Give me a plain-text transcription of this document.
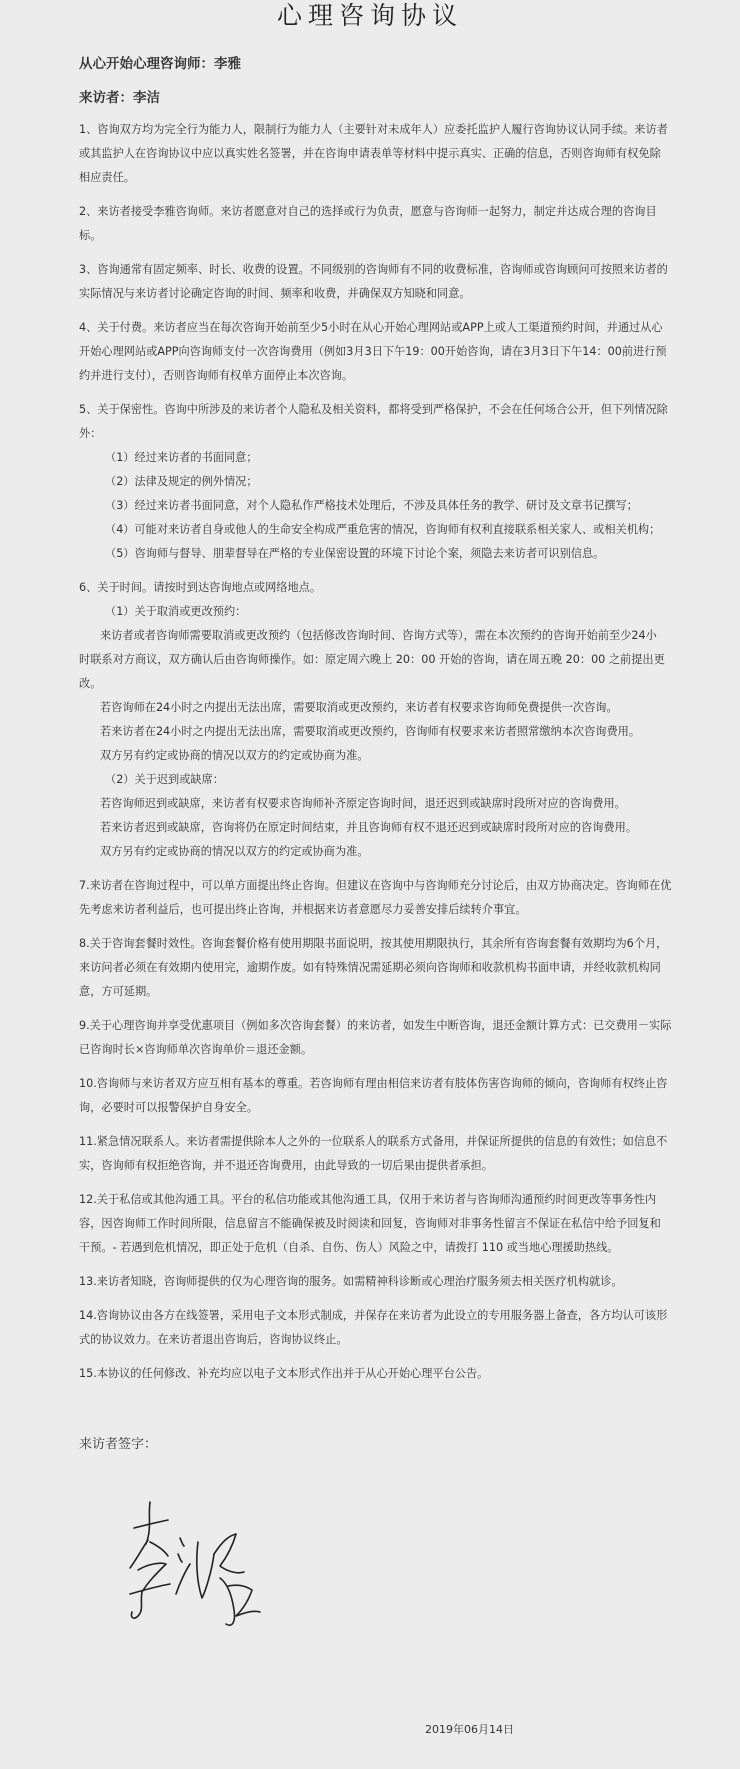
心理咨询协议
从心开始心理咨询师：李雅
来访者：李洁
1、咨询双方均为完全行为能力人，限制行为能力人（主要针对未成年人）应委托监护人履行咨询协议认同手续。来访者
或其监护人在咨询协议中应以真实姓名签署，并在咨询申请表单等材料中提示真实、正确的信息，否则咨询师有权免除
相应责任。
2、来访者接受李雅咨询师。来访者愿意对自己的选择或行为负责，愿意与咨询师一起努力，制定并达成合理的咨询目
标。
3、咨询通常有固定频率、时长、收费的设置。不同级别的咨询师有不同的收费标准，咨询师或咨询顾问可按照来访者的
实际情况与来访者讨论确定咨询的时间、频率和收费，并确保双方知晓和同意。
4、关于付费。来访者应当在每次咨询开始前至少5小时在从心开始心理网站或APP上或人工渠道预约时间，并通过从心
开始心理网站或APP向咨询师支付一次咨询费用（例如3月3日下午19：00开始咨询，请在3月3日下午14：00前进行预
约并进行支付），否则咨询师有权单方面停止本次咨询。
5、关于保密性。咨询中所涉及的来访者个人隐私及相关资料，都将受到严格保护，不会在任何场合公开，但下列情况除
外：
（1）经过来访者的书面同意；
（2）法律及规定的例外情况；
（3）经过来访者书面同意，对个人隐私作严格技术处理后，不涉及具体任务的教学、研讨及文章书记撰写；
（4）可能对来访者自身或他人的生命安全构成严重危害的情况，咨询师有权利直接联系相关家人、或相关机构；
（5）咨询师与督导、朋辈督导在严格的专业保密设置的环境下讨论个案，须隐去来访者可识别信息。
6、关于时间。请按时到达咨询地点或网络地点。
（1）关于取消或更改预约：
来访者或者咨询师需要取消或更改预约（包括修改咨询时间、咨询方式等），需在本次预约的咨询开始前至少24小
时联系对方商议，双方确认后由咨询师操作。如：原定周六晚上 20：00 开始的咨询，请在周五晚 20：00 之前提出更
改。
若咨询师在24小时之内提出无法出席，需要取消或更改预约，来访者有权要求咨询师免费提供一次咨询。
若来访者在24小时之内提出无法出席，需要取消或更改预约，咨询师有权要求来访者照常缴纳本次咨询费用。
双方另有约定或协商的情况以双方的约定或协商为准。
（2）关于迟到或缺席：
若咨询师迟到或缺席，来访者有权要求咨询师补齐原定咨询时间，退还迟到或缺席时段所对应的咨询费用。
若来访者迟到或缺席，咨询将仍在原定时间结束，并且咨询师有权不退还迟到或缺席时段所对应的咨询费用。
双方另有约定或协商的情况以双方的约定或协商为准。
7.来访者在咨询过程中，可以单方面提出终止咨询。但建议在咨询中与咨询师充分讨论后，由双方协商决定。咨询师在优
先考虑来访者利益后，也可提出终止咨询，并根据来访者意愿尽力妥善安排后续转介事宜。
8.关于咨询套餐时效性。咨询套餐价格有使用期限书面说明，按其使用期限执行，其余所有咨询套餐有效期均为6个月，
来访问者必须在有效期内使用完，逾期作废。如有特殊情况需延期必须向咨询师和收款机构书面申请，并经收款机构同
意，方可延期。
9.关于心理咨询并享受优惠项目（例如多次咨询套餐）的来访者，如发生中断咨询，退还金额计算方式：已交费用－实际
已咨询时长×咨询师单次咨询单价＝退还金额。
10.咨询师与来访者双方应互相有基本的尊重。若咨询师有理由相信来访者有肢体伤害咨询师的倾向，咨询师有权终止咨
询，必要时可以报警保护自身安全。
11.紧急情况联系人。来访者需提供除本人之外的一位联系人的联系方式备用，并保证所提供的信息的有效性；如信息不
实，咨询师有权拒绝咨询，并不退还咨询费用，由此导致的一切后果由提供者承担。
12.关于私信或其他沟通工具。平台的私信功能或其他沟通工具，仅用于来访者与咨询师沟通预约时间更改等事务性内
容，因咨询师工作时间所限，信息留言不能确保被及时阅读和回复，咨询师对非事务性留言不保证在私信中给予回复和
干预。- 若遇到危机情况，即正处于危机（自杀、自伤、伤人）风险之中，请拨打 110 或当地心理援助热线。
13.来访者知晓，咨询师提供的仅为心理咨询的服务。如需精神科诊断或心理治疗服务须去相关医疗机构就诊。
14.咨询协议由各方在线签署，采用电子文本形式制成，并保存在来访者为此设立的专用服务器上备查，各方均认可该形
式的协议效力。在来访者退出咨询后，咨询协议终止。
15.本协议的任何修改、补充均应以电子文本形式作出并于从心开始心理平台公告。
来访者签字：
2019年06月14日
